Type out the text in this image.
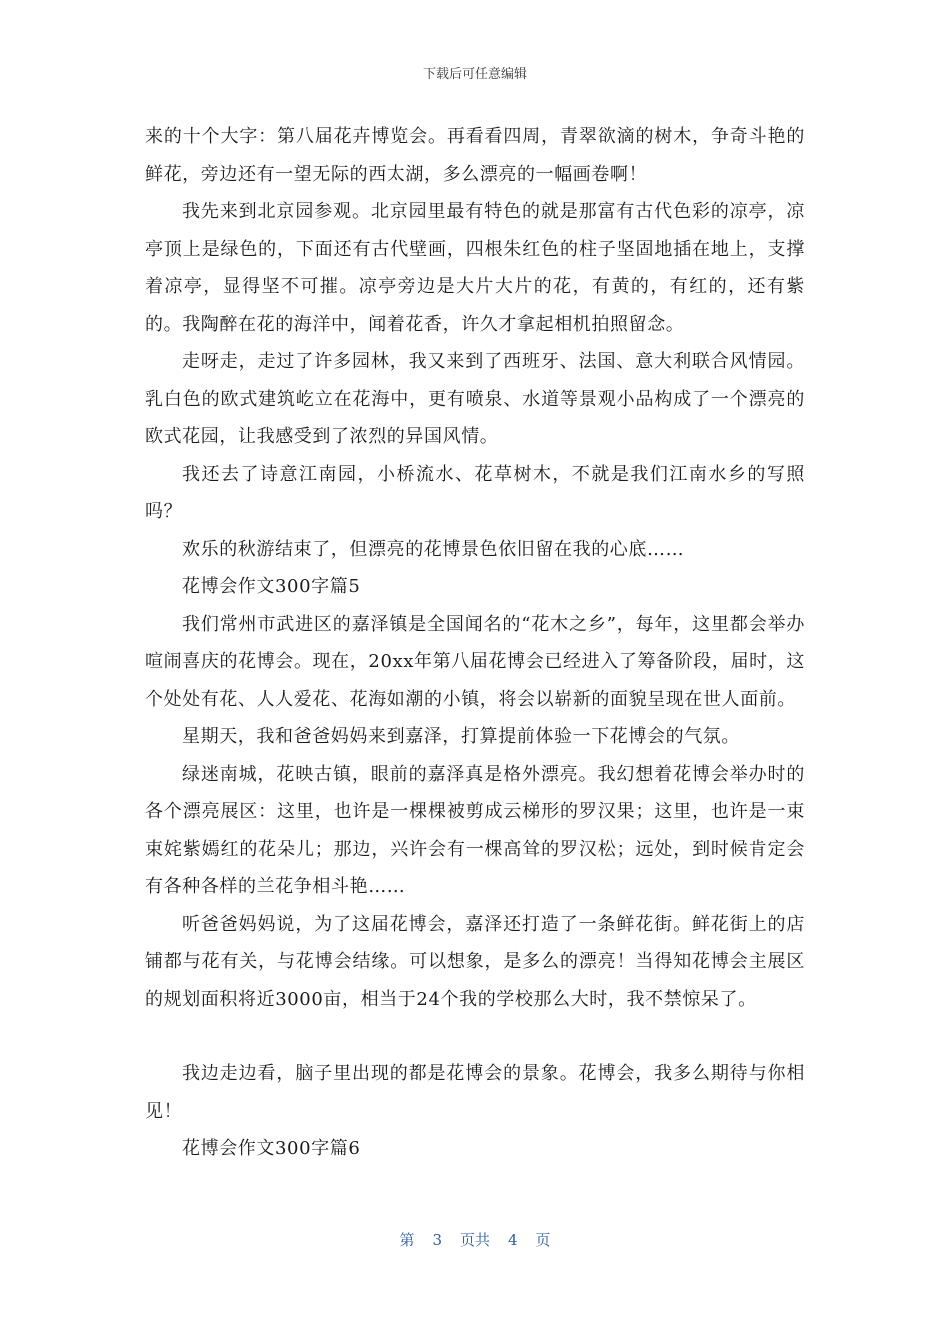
下载后可任意编辑

来的十个大字：第八届花卉博览会。再看看四周，青翠欲滴的树木，争奇斗艳的鲜花，旁边还有一望无际的西太湖，多么漂亮的一幅画卷啊！

我先来到北京园参观。北京园里最有特色的就是那富有古代色彩的凉亭，凉亭顶上是绿色的，下面还有古代壁画，四根朱红色的柱子坚固地插在地上，支撑着凉亭，显得坚不可摧。凉亭旁边是大片大片的花，有黄的，有红的，还有紫的。我陶醉在花的海洋中，闻着花香，许久才拿起相机拍照留念。

走呀走，走过了许多园林，我又来到了西班牙、法国、意大利联合风情园。乳白色的欧式建筑屹立在花海中，更有喷泉、水道等景观小品构成了一个漂亮的欧式花园，让我感受到了浓烈的异国风情。

我还去了诗意江南园，小桥流水、花草树木，不就是我们江南水乡的写照吗？

欢乐的秋游结束了，但漂亮的花博景色依旧留在我的心底……

花博会作文300字篇5

我们常州市武进区的嘉泽镇是全国闻名的“花木之乡”，每年，这里都会举办喧闹喜庆的花博会。现在，20xx年第八届花博会已经进入了筹备阶段，届时，这个处处有花、人人爱花、花海如潮的小镇，将会以崭新的面貌呈现在世人面前。

星期天，我和爸爸妈妈来到嘉泽，打算提前体验一下花博会的气氛。

绿迷南城，花映古镇，眼前的嘉泽真是格外漂亮。我幻想着花博会举办时的各个漂亮展区：这里，也许是一棵棵被剪成云梯形的罗汉果；这里，也许是一束束姹紫嫣红的花朵儿；那边，兴许会有一棵高耸的罗汉松；远处，到时候肯定会有各种各样的兰花争相斗艳……

听爸爸妈妈说，为了这届花博会，嘉泽还打造了一条鲜花街。鲜花街上的店铺都与花有关，与花博会结缘。可以想象，是多么的漂亮！当得知花博会主展区的规划面积将近3000亩，相当于24个我的学校那么大时，我不禁惊呆了。

我边走边看，脑子里出现的都是花博会的景象。花博会，我多么期待与你相见！

花博会作文300字篇6

第 3 页共 4 页
